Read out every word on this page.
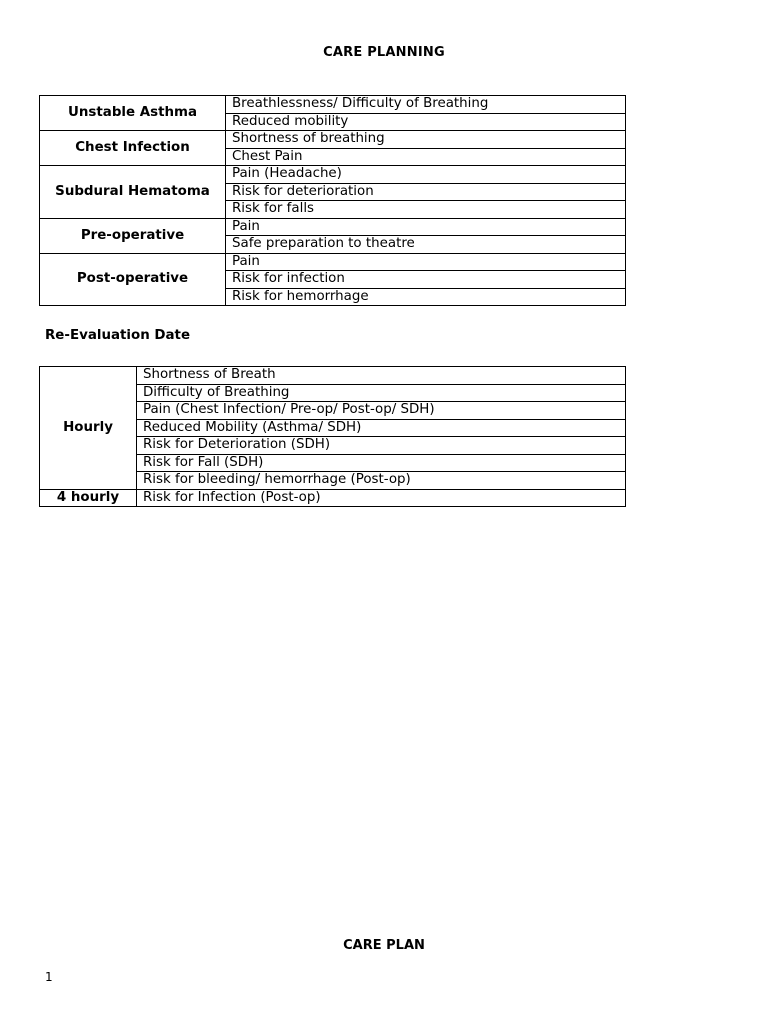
CARE PLANNING
Unstable Asthma	Breathlessness/ Difficulty of Breathing
	Reduced mobility
Chest Infection	Shortness of breathing
	Chest Pain
Subdural Hematoma	Pain (Headache)
	Risk for deterioration
	Risk for falls
Pre-operative	Pain
	Safe preparation to theatre
Post-operative	Pain
	Risk for infection
	Risk for hemorrhage
Re-Evaluation Date
Hourly	Shortness of Breath
	Difficulty of Breathing
	Pain (Chest Infection/ Pre-op/ Post-op/ SDH)
	Reduced Mobility (Asthma/ SDH)
	Risk for Deterioration (SDH)
	Risk for Fall (SDH)
	Risk for bleeding/ hemorrhage (Post-op)
4 hourly	Risk for Infection (Post-op)
CARE PLAN
1
